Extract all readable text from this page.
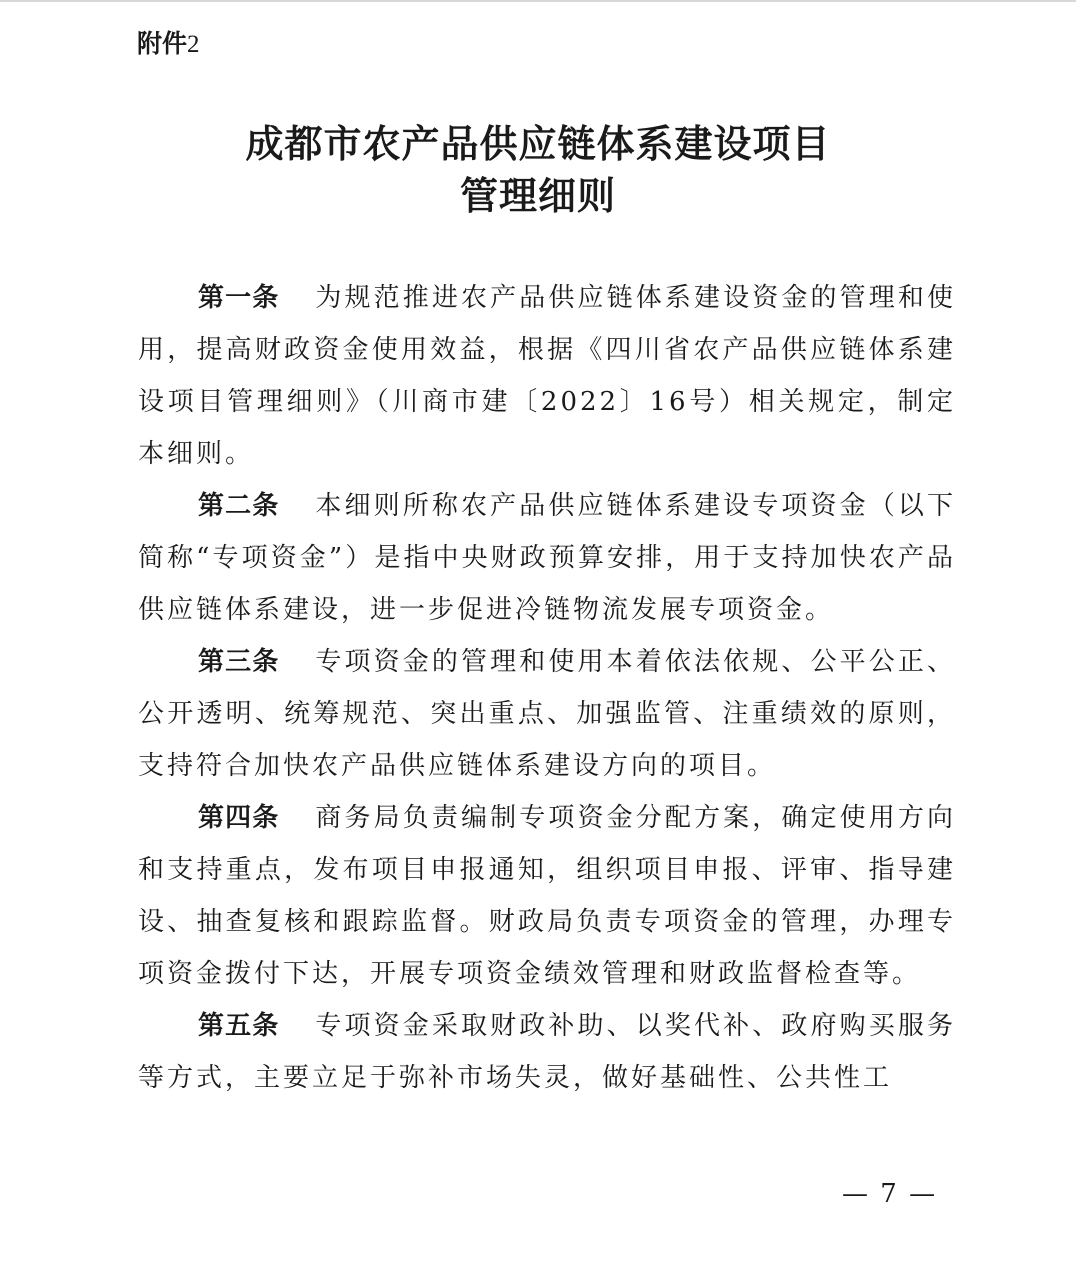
附件2
成都市农产品供应链体系建设项目
管理细则

第一条 为规范推进农产品供应链体系建设资金的管理和使用，提高财政资金使用效益，根据《四川省农产品供应链体系建设项目管理细则》（川商市建〔2022〕16号）相关规定，制定本细则。

第二条 本细则所称农产品供应链体系建设专项资金（以下简称“专项资金”）是指中央财政预算安排，用于支持加快农产品供应链体系建设，进一步促进冷链物流发展专项资金。

第三条 专项资金的管理和使用本着依法依规、公平公正、公开透明、统筹规范、突出重点、加强监管、注重绩效的原则，支持符合加快农产品供应链体系建设方向的项目。

第四条 商务局负责编制专项资金分配方案，确定使用方向和支持重点，发布项目申报通知，组织项目申报、评审、指导建设、抽查复核和跟踪监督。财政局负责专项资金的管理，办理专项资金拨付下达，开展专项资金绩效管理和财政监督检查等。

第五条 专项资金采取财政补助、以奖代补、政府购买服务等方式，主要立足于弥补市场失灵，做好基础性、公共性工

— 7 —
